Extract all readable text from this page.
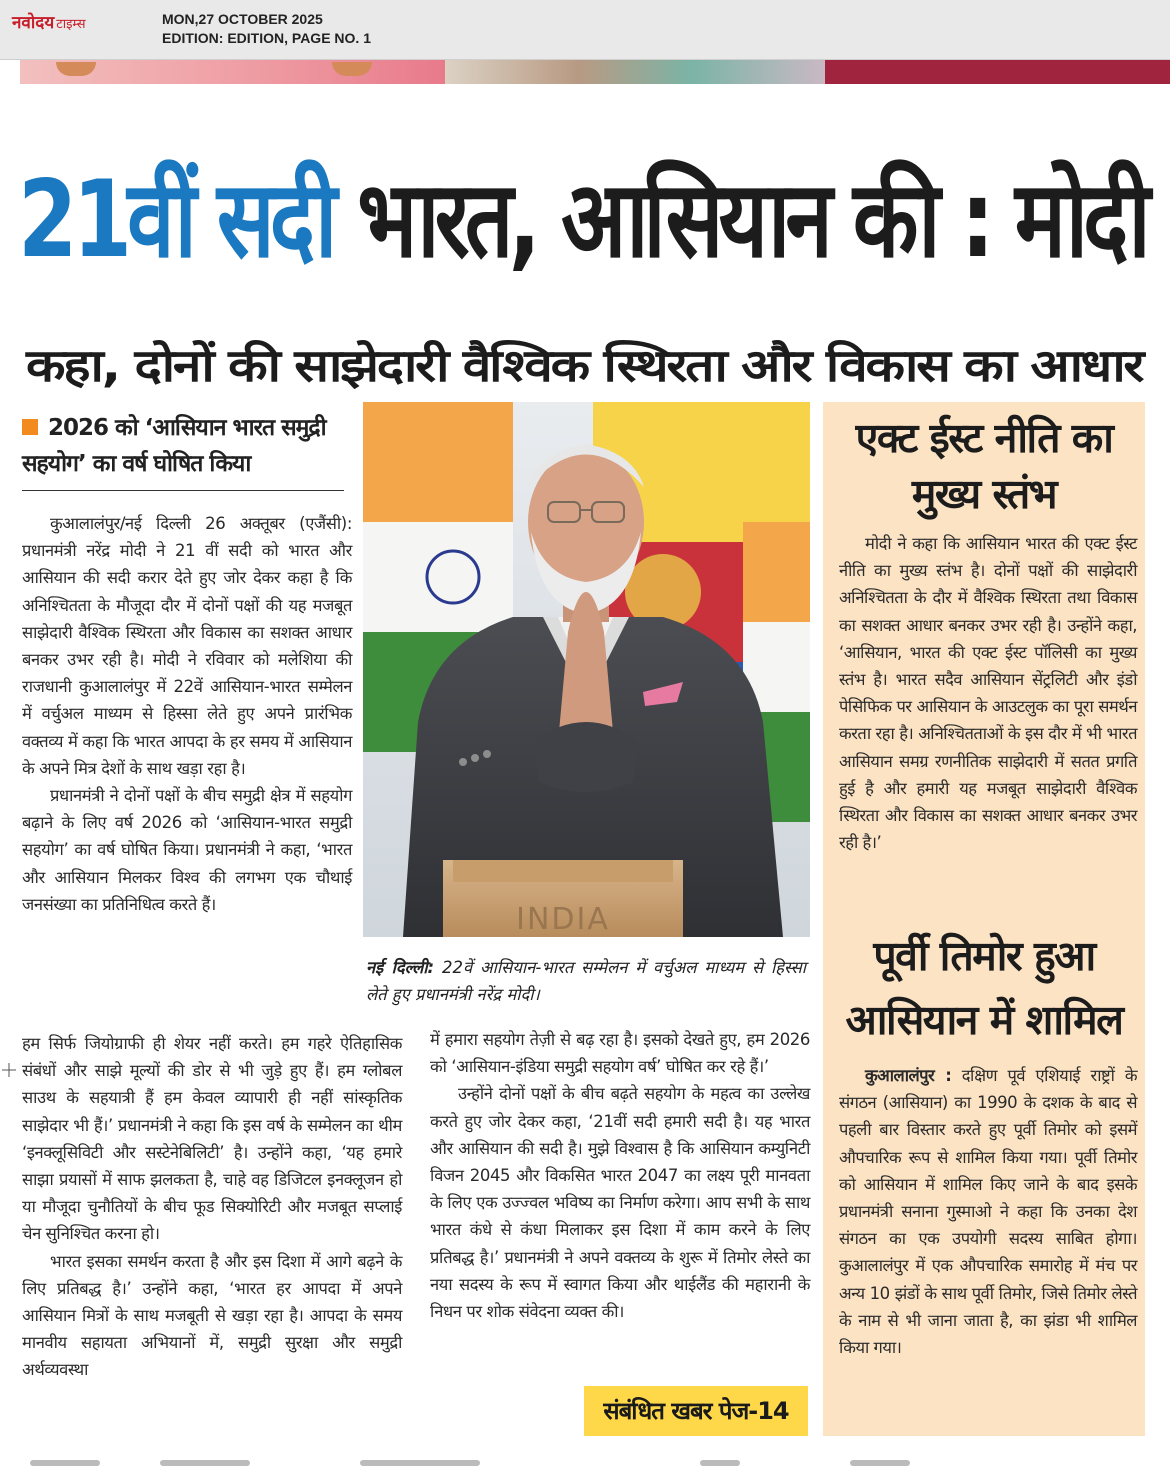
नवोदय टाइम्स	MON,27 OCTOBER 2025
EDITION: EDITION, PAGE NO. 1
21वीं सदी भारत, आसियान की : मोदी
कहा, दोनों की साझेदारी वैश्विक स्थिरता और विकास का आधार
2026 को ‘आसियान भारत समुद्री सहयोग’ का वर्ष घोषित किया

कुआलालंपुर/नई दिल्ली 26 अक्तूबर (एजैंसी): प्रधानमंत्री नरेंद्र मोदी ने 21 वीं सदी को भारत और आसियान की सदी करार देते हुए जोर देकर कहा है कि अनिश्चितता के मौजूदा दौर में दोनों पक्षों की यह मजबूत साझेदारी वैश्विक स्थिरता और विकास का सशक्त आधार बनकर उभर रही है। मोदी ने रविवार को मलेशिया की राजधानी कुआलालंपुर में 22वें आसियान-भारत सम्मेलन में वर्चुअल माध्यम से हिस्सा लेते हुए अपने प्रारंभिक वक्तव्य में कहा कि भारत आपदा के हर समय में आसियान के अपने मित्र देशों के साथ खड़ा रहा है।

प्रधानमंत्री ने दोनों पक्षों के बीच समुद्री क्षेत्र में सहयोग बढ़ाने के लिए वर्ष 2026 को ‘आसियान-भारत समुद्री सहयोग’ का वर्ष घोषित किया। प्रधानमंत्री ने कहा, ‘भारत और आसियान मिलकर विश्व की लगभग एक चौथाई जनसंख्या का प्रतिनिधित्व करते हैं।

हम सिर्फ जियोग्राफी ही शेयर नहीं करते। हम गहरे ऐतिहासिक संबंधों और साझे मूल्यों की डोर से भी जुड़े हुए हैं। हम ग्लोबल साउथ के सहयात्री हैं हम केवल व्यापारी ही नहीं सांस्कृतिक साझेदार भी हैं।’ प्रधानमंत्री ने कहा कि इस वर्ष के सम्मेलन का थीम ‘इनक्लूसिविटी और सस्टेनेबिलिटी’ है। उन्होंने कहा, ‘यह हमारे साझा प्रयासों में साफ झलकता है, चाहे वह डिजिटल इनक्लूजन हो या मौजूदा चुनौतियों के बीच फूड सिक्योरिटी और मजबूत सप्लाई चेन सुनिश्चित करना हो।

भारत इसका समर्थन करता है और इस दिशा में आगे बढ़ने के लिए प्रतिबद्ध है।’ उन्होंने कहा, ‘भारत हर आपदा में अपने आसियान मित्रों के साथ मजबूती से खड़ा रहा है। आपदा के समय मानवीय सहायता अभियानों में, समुद्री सुरक्षा और समुद्री अर्थव्यवस्था

INDIA
नई दिल्ली: 22वें आसियान-भारत सम्मेलन में वर्चुअल माध्यम से हिस्सा लेते हुए प्रधानमंत्री नरेंद्र मोदी।

में हमारा सहयोग तेज़ी से बढ़ रहा है। इसको देखते हुए, हम 2026 को ‘आसियान-इंडिया समुद्री सहयोग वर्ष’ घोषित कर रहे हैं।’

उन्होंने दोनों पक्षों के बीच बढ़ते सहयोग के महत्व का उल्लेख करते हुए जोर देकर कहा, ‘21वीं सदी हमारी सदी है। यह भारत और आसियान की सदी है। मुझे विश्वास है कि आसियान कम्युनिटी विजन 2045 और विकसित भारत 2047 का लक्ष्य पूरी मानवता के लिए एक उज्ज्वल भविष्य का निर्माण करेगा। आप सभी के साथ भारत कंधे से कंधा मिलाकर इस दिशा में काम करने के लिए प्रतिबद्ध है।’ प्रधानमंत्री ने अपने वक्तव्य के शुरू में तिमोर लेस्ते का नया सदस्य के रूप में स्वागत किया और थाईलैंड की महारानी के निधन पर शोक संवेदना व्यक्त की।

संबंधित खबर पेज-14
एक्ट ईस्ट नीति का मुख्य स्तंभ

मोदी ने कहा कि आसियान भारत की एक्ट ईस्ट नीति का मुख्य स्तंभ है। दोनों पक्षों की साझेदारी अनिश्चितता के दौर में वैश्विक स्थिरता तथा विकास का सशक्त आधार बनकर उभर रही है। उन्होंने कहा, ‘आसियान, भारत की एक्ट ईस्ट पॉलिसी का मुख्य स्तंभ है। भारत सदैव आसियान सेंट्रलिटी और इंडो पेसिफिक पर आसियान के आउटलुक का पूरा समर्थन करता रहा है। अनिश्चितताओं के इस दौर में भी भारत आसियान समग्र रणनीतिक साझेदारी में सतत प्रगति हुई है और हमारी यह मजबूत साझेदारी वैश्विक स्थिरता और विकास का सशक्त आधार बनकर उभर रही है।’

पूर्वी तिमोर हुआ आसियान में शामिल

कुआलालंपुर : दक्षिण पूर्व एशियाई राष्ट्रों के संगठन (आसियान) का 1990 के दशक के बाद से पहली बार विस्तार करते हुए पूर्वी तिमोर को इसमें औपचारिक रूप से शामिल किया गया। पूर्वी तिमोर को आसियान में शामिल किए जाने के बाद इसके प्रधानमंत्री सनाना गुस्माओ ने कहा कि उनका देश संगठन का एक उपयोगी सदस्य साबित होगा। कुआलालंपुर में एक औपचारिक समारोह में मंच पर अन्य 10 झंडों के साथ पूर्वी तिमोर, जिसे तिमोर लेस्ते के नाम से भी जाना जाता है, का झंडा भी शामिल किया गया।
